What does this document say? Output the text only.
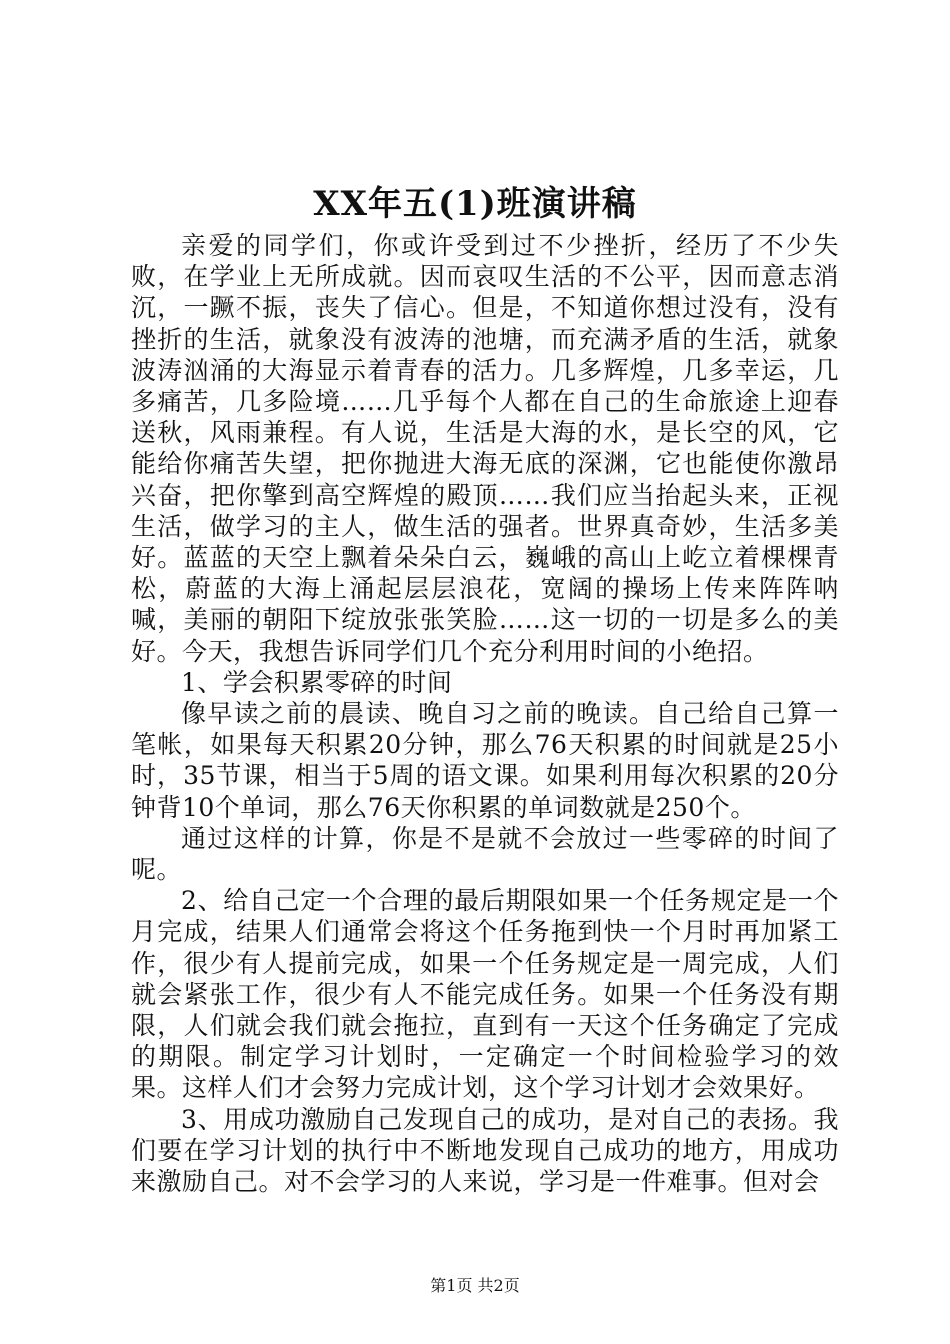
XX年五(1)班演讲稿

亲爱的同学们，你或许受到过不少挫折，经历了不少失败，在学业上无所成就。因而哀叹生活的不公平，因而意志消沉，一蹶不振，丧失了信心。但是，不知道你想过没有，没有挫折的生活，就象没有波涛的池塘，而充满矛盾的生活，就象波涛汹涌的大海显示着青春的活力。几多辉煌，几多幸运，几多痛苦，几多险境……几乎每个人都在自己的生命旅途上迎春送秋，风雨兼程。有人说，生活是大海的水，是长空的风，它能给你痛苦失望，把你抛进大海无底的深渊，它也能使你激昂兴奋，把你擎到高空辉煌的殿顶……我们应当抬起头来，正视生活，做学习的主人，做生活的强者。世界真奇妙，生活多美好。蓝蓝的天空上飘着朵朵白云，巍峨的高山上屹立着棵棵青松，蔚蓝的大海上涌起层层浪花，宽阔的操场上传来阵阵呐喊，美丽的朝阳下绽放张张笑脸……这一切的一切是多么的美好。今天，我想告诉同学们几个充分利用时间的小绝招。

1、学会积累零碎的时间

像早读之前的晨读、晚自习之前的晚读。自己给自己算一笔帐，如果每天积累20分钟，那么76天积累的时间就是25小时，35节课，相当于5周的语文课。如果利用每次积累的20分钟背10个单词，那么76天你积累的单词数就是250个。

通过这样的计算，你是不是就不会放过一些零碎的时间了呢。

2、给自己定一个合理的最后期限如果一个任务规定是一个月完成，结果人们通常会将这个任务拖到快一个月时再加紧工作，很少有人提前完成，如果一个任务规定是一周完成，人们就会紧张工作，很少有人不能完成任务。如果一个任务没有期限，人们就会我们就会拖拉，直到有一天这个任务确定了完成的期限。制定学习计划时，一定确定一个时间检验学习的效果。这样人们才会努力完成计划，这个学习计划才会效果好。

3、用成功激励自己发现自己的成功，是对自己的表扬。我们要在学习计划的执行中不断地发现自己成功的地方，用成功来激励自己。对不会学习的人来说，学习是一件难事。但对会

第1页 共2页
